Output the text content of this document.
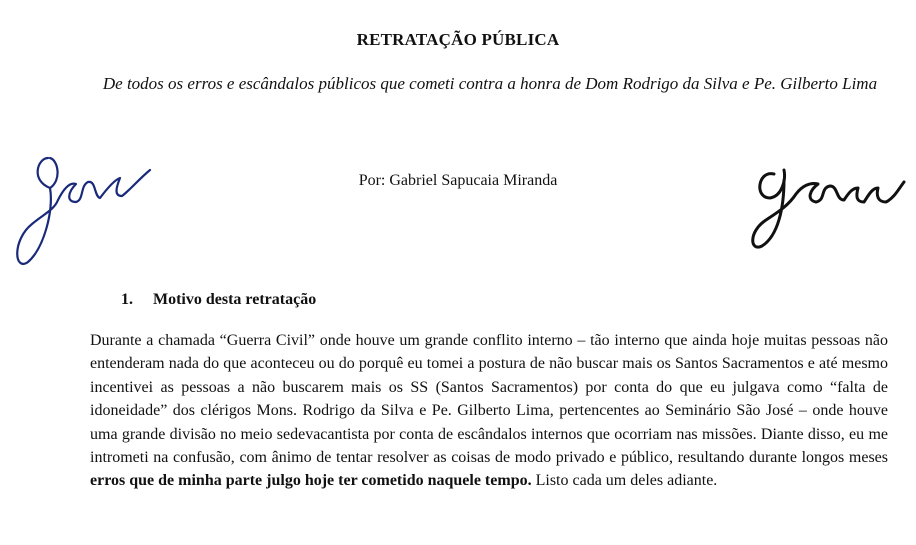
RETRATAÇÃO PÚBLICA
De todos os erros e escândalos públicos que cometi contra a honra de Dom Rodrigo da Silva e Pe. Gilberto Lima
Por: Gabriel Sapucaia Miranda
1. Motivo desta retratação
Durante a chamada “Guerra Civil” onde houve um grande conflito interno – tão interno que ainda hoje muitas pessoas não entenderam nada do que aconteceu ou do porquê eu tomei a postura de não buscar mais os Santos Sacramentos e até mesmo incentivei as pessoas a não buscarem mais os SS (Santos Sacramentos) por conta do que eu julgava como “falta de idoneidade” dos clérigos Mons. Rodrigo da Silva e Pe. Gilberto Lima, pertencentes ao Seminário São José – onde houve uma grande divisão no meio sedevacantista por conta de escândalos internos que ocorriam nas missões. Diante disso, eu me intrometi na confusão, com ânimo de tentar resolver as coisas de modo privado e público, resultando durante longos meses erros que de minha parte julgo hoje ter cometido naquele tempo. Listo cada um deles adiante.
